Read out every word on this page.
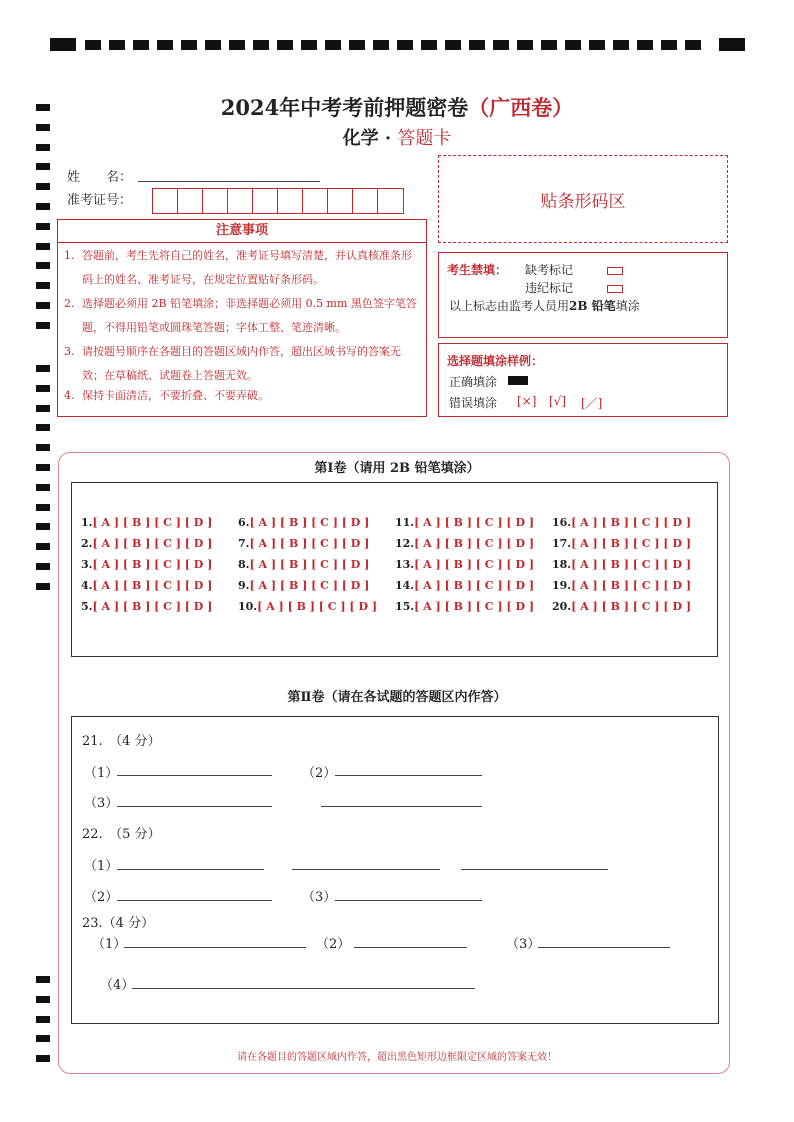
2024年中考考前押题密卷（广西卷）
化学 · 答题卡
姓　　名：
准考证号：	贴条形码区
注意事项
1. 答题前，考生先将自己的姓名，准考证号填写清楚，并认真核准条形码上的姓名、准考证号，在规定位置贴好条形码。
2. 选择题必须用 2B 铅笔填涂；非选择题必须用 0.5 mm 黑色签字笔答题，不得用铅笔或圆珠笔答题；字体工整、笔迹清晰。
3. 请按题号顺序在各题目的答题区域内作答，超出区域书写的答案无效；在草稿纸、试题卷上答题无效。
4. 保持卡面清洁，不要折叠、不要弄破。
考生禁填： 缺考标记
违纪标记
以上标志由监考人员用2B 铅笔填涂
选择题填涂样例：
正确填涂
错误填涂 [×] [√] [／]
第Ⅰ卷（请用 2B 铅笔填涂）
第Ⅱ卷（请在各试题的答题区内作答）
21.　（4 分）
（1）	（2）
（3）
22.　（5 分）
（1）
（2）	（3）
23.（4 分）
（1）	（2）	（3）
（4）
请在各题目的答题区域内作答，超出黑色矩形边框限定区域的答案无效！
1.[ A ] [ B ] [ C ] [ D ]
2.[ A ] [ B ] [ C ] [ D ]
3.[ A ] [ B ] [ C ] [ D ]
4.[ A ] [ B ] [ C ] [ D ]
5.[ A ] [ B ] [ C ] [ D ]
6.[ A ] [ B ] [ C ] [ D ]
7.[ A ] [ B ] [ C ] [ D ]
8.[ A ] [ B ] [ C ] [ D ]
9.[ A ] [ B ] [ C ] [ D ]
10.[ A ] [ B ] [ C ] [ D ]
11.[ A ] [ B ] [ C ] [ D ]
12.[ A ] [ B ] [ C ] [ D ]
13.[ A ] [ B ] [ C ] [ D ]
14.[ A ] [ B ] [ C ] [ D ]
15.[ A ] [ B ] [ C ] [ D ]
16.[ A ] [ B ] [ C ] [ D ]
17.[ A ] [ B ] [ C ] [ D ]
18.[ A ] [ B ] [ C ] [ D ]
19.[ A ] [ B ] [ C ] [ D ]
20.[ A ] [ B ] [ C ] [ D ]
